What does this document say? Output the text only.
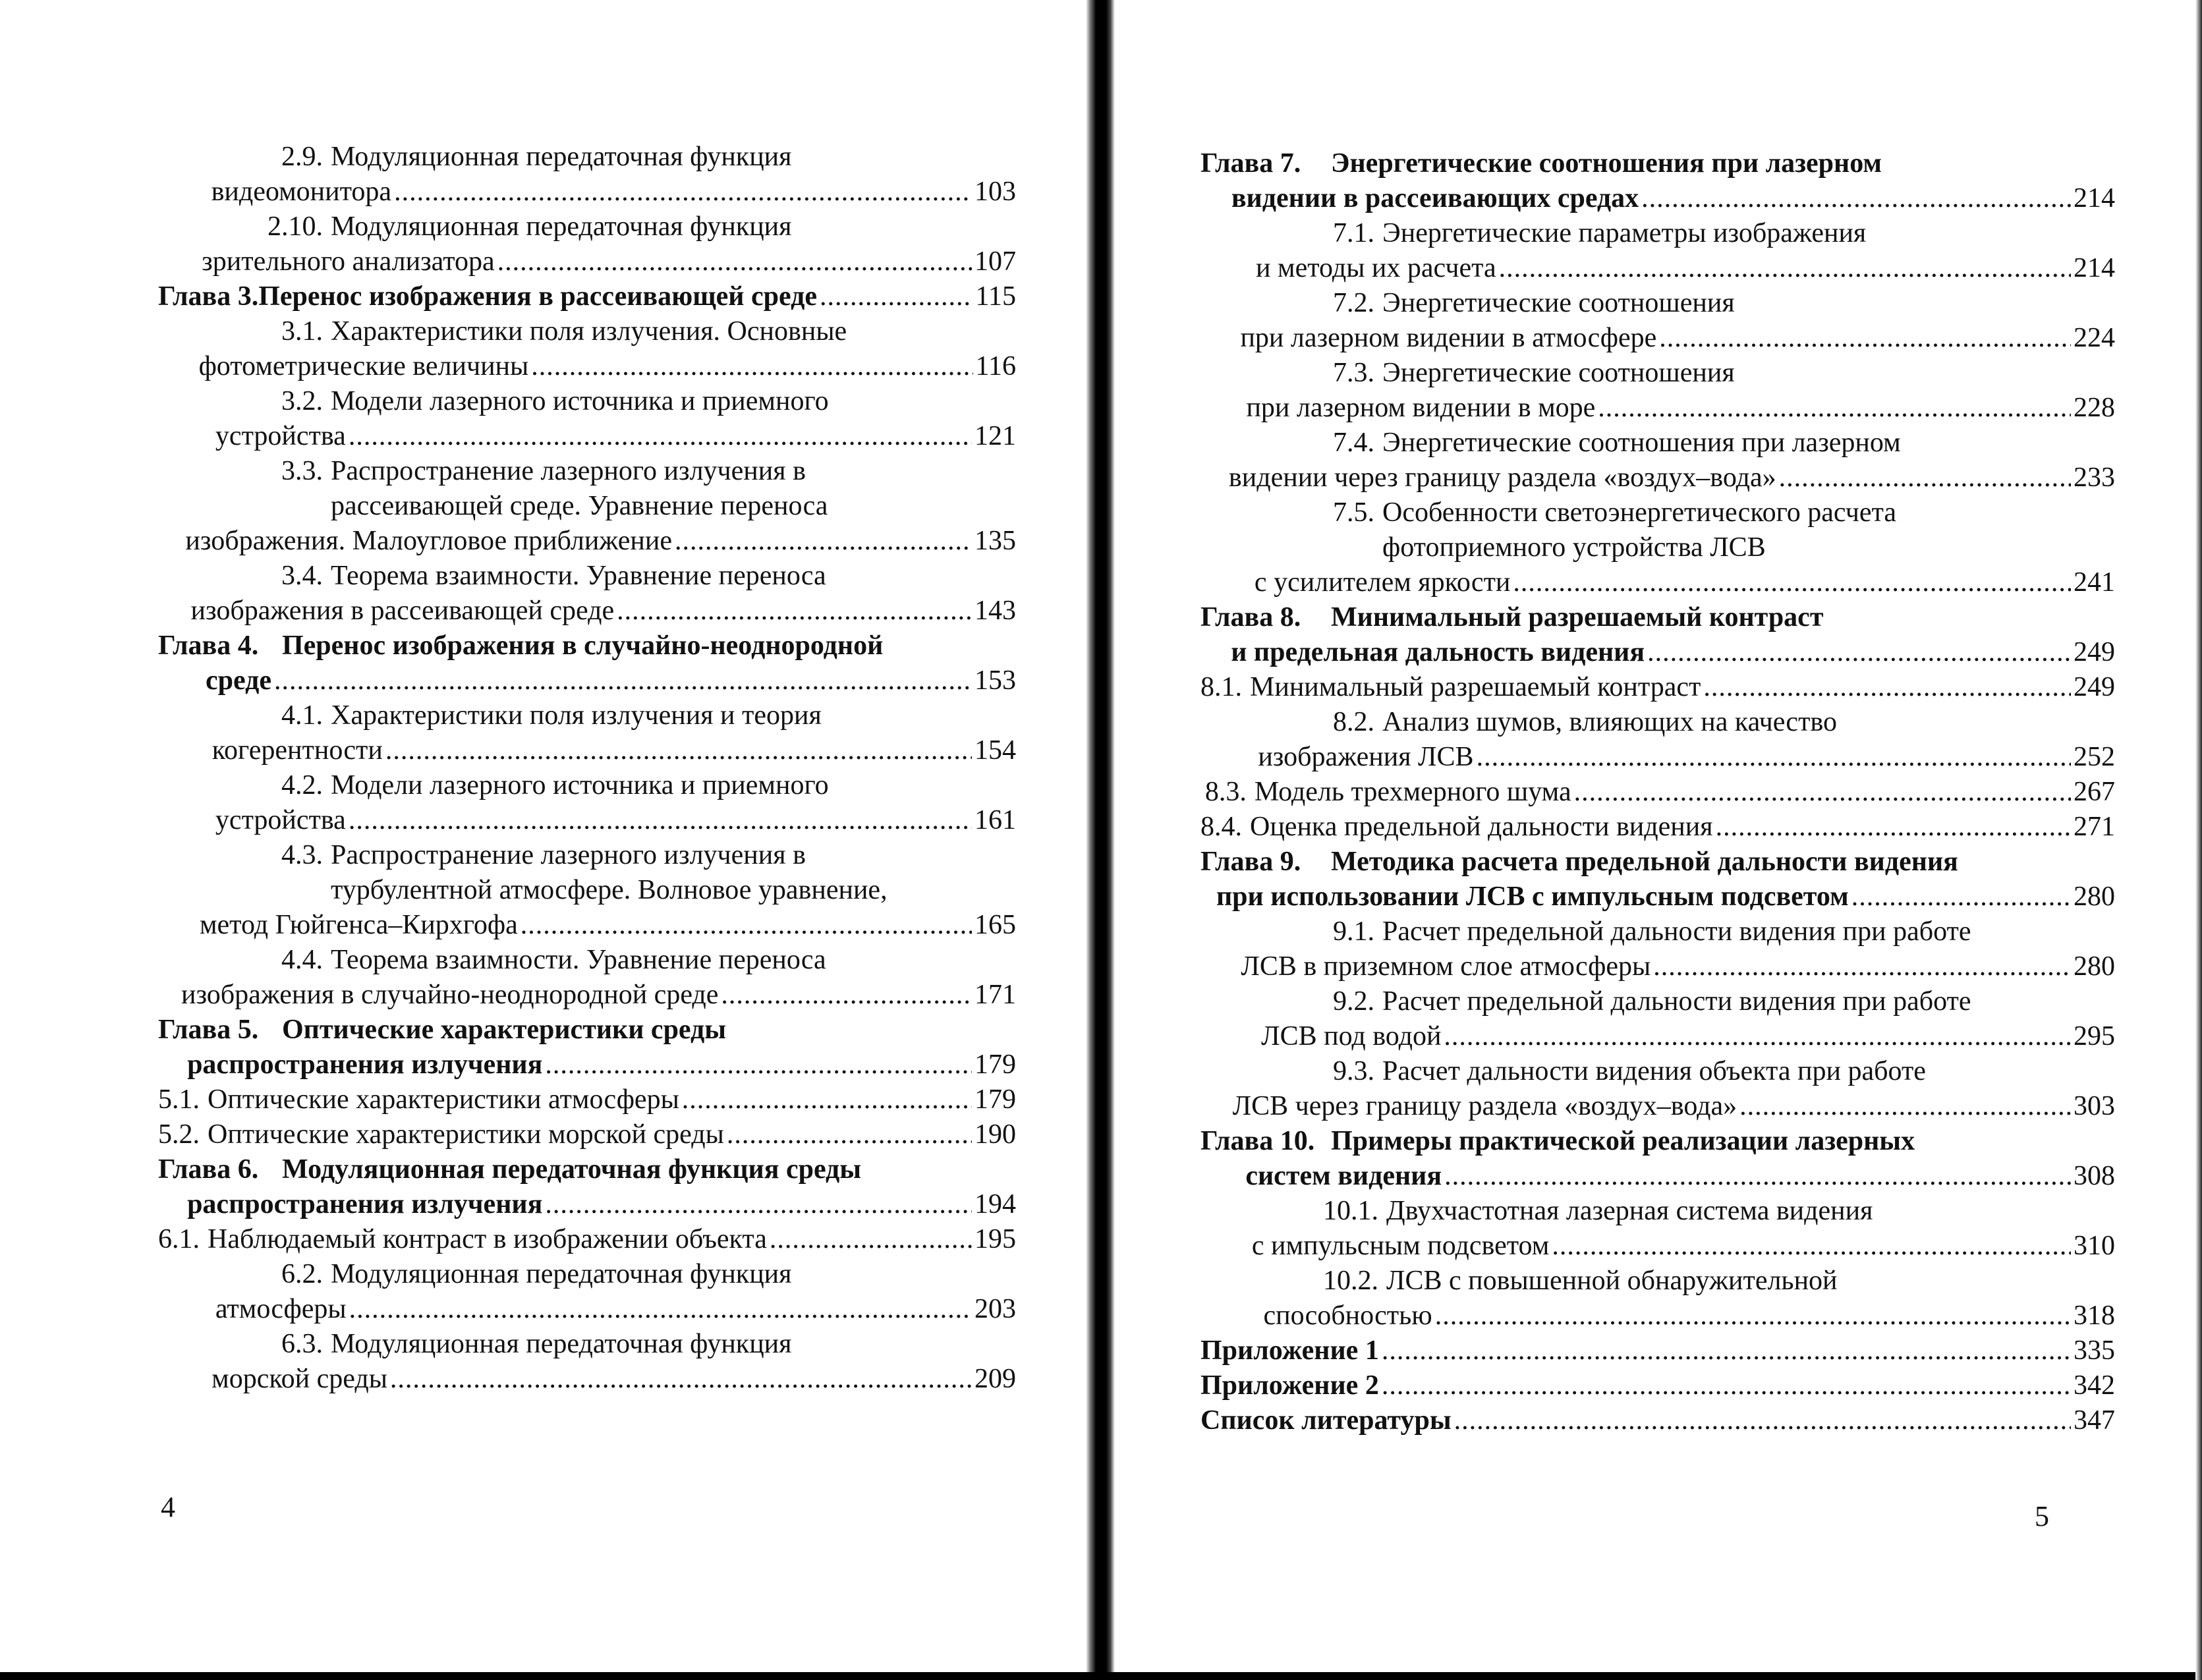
2.9. Модуляционная передаточная функция
видеомонитора .....	103
2.10. Модуляционная передаточная функция
зрительного анализатора .....	107
Глава 3. Перенос изображения в рассеивающей среде .....	115
3.1. Характеристики поля излучения. Основные
фотометрические величины .....	116
3.2. Модели лазерного источника и приемного
устройства .....	121
3.3. Распространение лазерного излучения в
рассеивающей среде. Уравнение переноса
изображения. Малоугловое приближение .....	135
3.4. Теорема взаимности. Уравнение переноса
изображения в рассеивающей среде .....	143
Глава 4. Перенос изображения в случайно-неоднородной
среде .....	153
4.1. Характеристики поля излучения и теория
когерентности .....	154
4.2. Модели лазерного источника и приемного
устройства .....	161
4.3. Распространение лазерного излучения в
турбулентной атмосфере. Волновое уравнение,
метод Гюйгенса–Кирхгофа .....	165
4.4. Теорема взаимности. Уравнение переноса
изображения в случайно-неоднородной среде .....	171
Глава 5. Оптические характеристики среды
распространения излучения .....	179
5.1. Оптические характеристики атмосферы .....	179
5.2. Оптические характеристики морской среды .....	190
Глава 6. Модуляционная передаточная функция среды
распространения излучения .....	194
6.1. Наблюдаемый контраст в изображении объекта .....	195
6.2. Модуляционная передаточная функция
атмосферы .....	203
6.3. Модуляционная передаточная функция
морской среды .....	209
4
Глава 7.	Энергетические соотношения при лазерном
видении в рассеивающих средах .....	214
7.1. Энергетические параметры изображения
и методы их расчета .....	214
7.2. Энергетические соотношения
при лазерном видении в атмосфере .....	224
7.3. Энергетические соотношения
при лазерном видении в море .....	228
7.4. Энергетические соотношения при лазерном
видении через границу раздела «воздух–вода» .....	233
7.5. Особенности светоэнергетического расчета
фотоприемного устройства ЛСВ
с усилителем яркости .....	241
Глава 8.	Минимальный разрешаемый контраст
и предельная дальность видения .....	249
8.1. Минимальный разрешаемый контраст .....	249
8.2. Анализ шумов, влияющих на качество
изображения ЛСВ .....	252
8.3. Модель трехмерного шума .....	267
8.4. Оценка предельной дальности видения .....	271
Глава 9.	Методика расчета предельной дальности видения
при использовании ЛСВ с импульсным подсветом .....	280
9.1. Расчет предельной дальности видения при работе
ЛСВ в приземном слое атмосферы .....	280
9.2. Расчет предельной дальности видения при работе
ЛСВ под водой .....	295
9.3. Расчет дальности видения объекта при работе
ЛСВ через границу раздела «воздух–вода» .....	303
Глава 10. Примеры практической реализации лазерных
систем видения .....	308
10.1. Двухчастотная лазерная система видения
с импульсным подсветом .....	310
10.2. ЛСВ с повышенной обнаружительной
способностью .....	318
Приложение 1 .....	335
Приложение 2 .....	342
Список литературы .....	347
5
